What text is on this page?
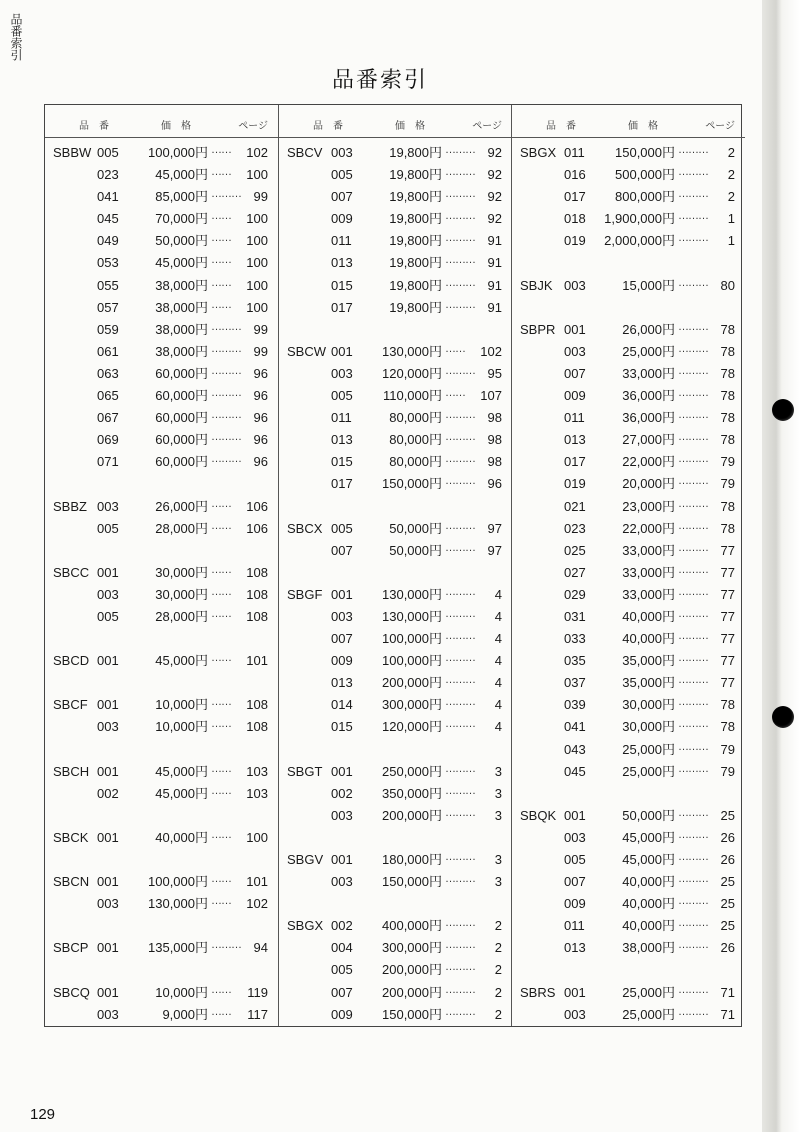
品番索引
品番索引
品　番	価　格	ページ
SBBW 005 100,000円 …… 102
023	45,000円 …… 100
041	85,000円 ……… 99
045	70,000円 …… 100
049	50,000円 …… 100
053	45,000円 …… 100
055	38,000円 …… 100
057	38,000円 …… 100
059	38,000円 ……… 99
061	38,000円 ……… 99
063	60,000円 ……… 96
065	60,000円 ……… 96
067	60,000円 ……… 96
069	60,000円 ……… 96
071	60,000円 ……… 96
SBBZ 003	26,000円 …… 106
005	28,000円 …… 106
SBCC 001	30,000円 …… 108
003	30,000円 …… 108
005	28,000円 …… 108
SBCD 001	45,000円 …… 101
SBCF 001	10,000円 …… 108
003	10,000円 …… 108
SBCH 001	45,000円 …… 103
002	45,000円 …… 103
SBCK 001	40,000円 …… 100
SBCN 001 100,000円 …… 101
003 130,000円 …… 102
SBCP 001 135,000円 ……… 94
SBCQ 001	10,000円 …… 119
003	9,000円 …… 117
品　番	価　格	ページ
SBCV 003	19,800円 ……… 92
005	19,800円 ……… 92
007	19,800円 ……… 92
009	19,800円 ……… 92
011	19,800円 ……… 91
013	19,800円 ……… 91
015	19,800円 ……… 91
017	19,800円 ……… 91
SBCW 001 130,000円 …… 102
003 120,000円 ……… 95
005 110,000円 …… 107
011	80,000円 ……… 98
013	80,000円 ……… 98
015	80,000円 ……… 98
017 150,000円 ……… 96
SBCX 005	50,000円 ……… 97
007	50,000円 ……… 97
SBGF 001 130,000円 ……… 4
003 130,000円 ……… 4
007 100,000円 ……… 4
009 100,000円 ……… 4
013 200,000円 ……… 4
014 300,000円 ……… 4
015 120,000円 ……… 4
SBGT 001 250,000円 ……… 3
002 350,000円 ……… 3
003 200,000円 ……… 3
SBGV 001 180,000円 ……… 3
003 150,000円 ……… 3
SBGX 002 400,000円 ……… 2
004 300,000円 ……… 2
005 200,000円 ……… 2
007 200,000円 ……… 2
009 150,000円 ……… 2
品　番	価　格	ページ
SBGX 011 150,000円 ……… 2
016 500,000円 ……… 2
017 800,000円 ……… 2
018 1,900,000円 ……… 1
019 2,000,000円 ……… 1
SBJK 003	15,000円 ……… 80
SBPR 001	26,000円 ……… 78
003	25,000円 ……… 78
007	33,000円 ……… 78
009	36,000円 ……… 78
011	36,000円 ……… 78
013	27,000円 ……… 78
017	22,000円 ……… 79
019	20,000円 ……… 79
021	23,000円 ……… 78
023	22,000円 ……… 78
025	33,000円 ……… 77
027	33,000円 ……… 77
029	33,000円 ……… 77
031	40,000円 ……… 77
033	40,000円 ……… 77
035	35,000円 ……… 77
037	35,000円 ……… 77
039	30,000円 ……… 78
041	30,000円 ……… 78
043	25,000円 ……… 79
045	25,000円 ……… 79
SBQK 001	50,000円 ……… 25
003	45,000円 ……… 26
005	45,000円 ……… 26
007	40,000円 ……… 25
009	40,000円 ……… 25
011	40,000円 ……… 25
013	38,000円 ……… 26
SBRS 001	25,000円 ……… 71
003	25,000円 ……… 71
129
